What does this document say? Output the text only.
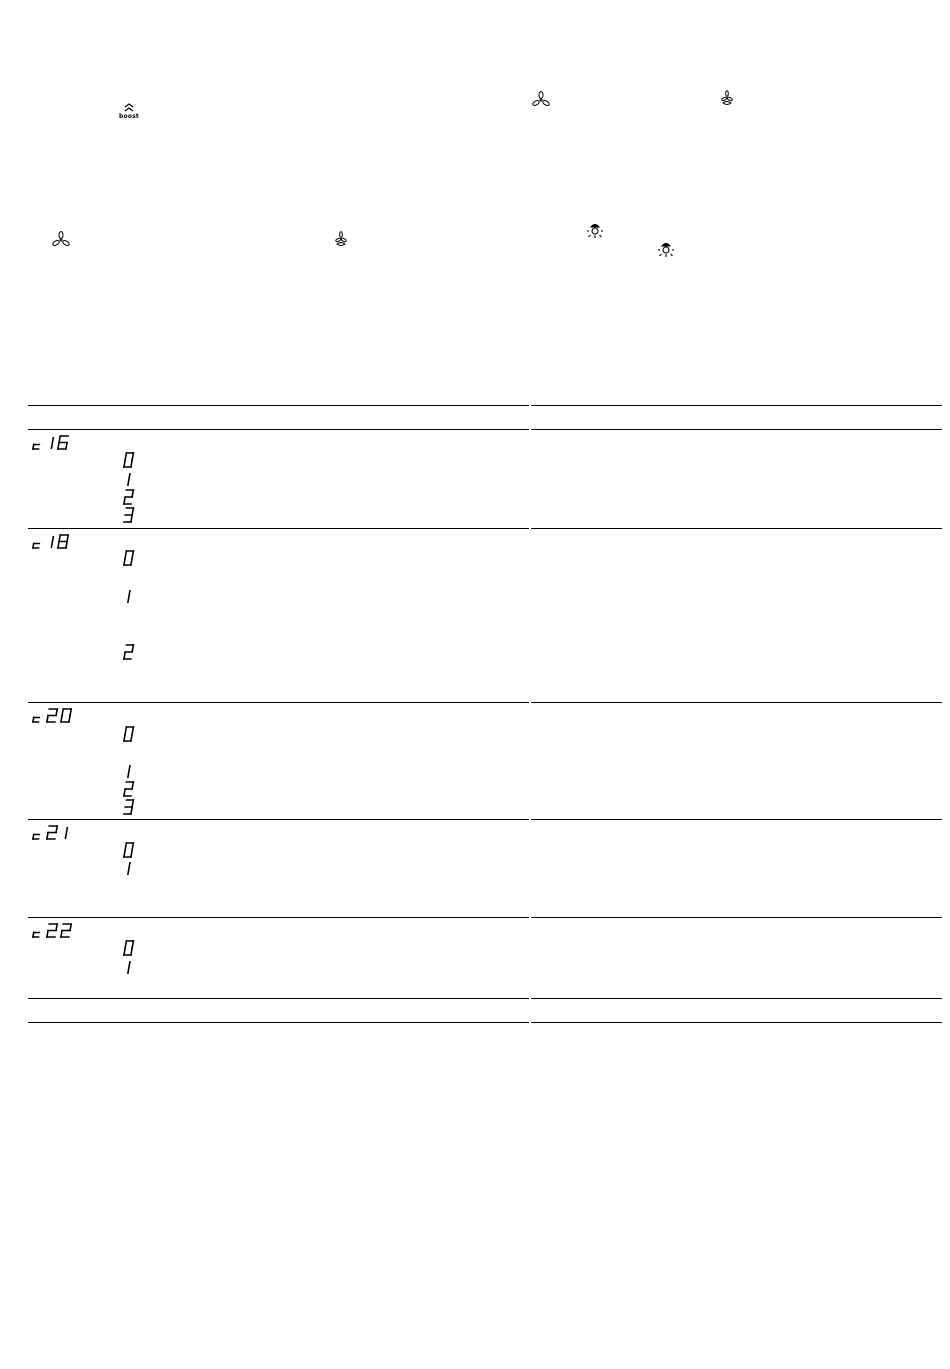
boost
